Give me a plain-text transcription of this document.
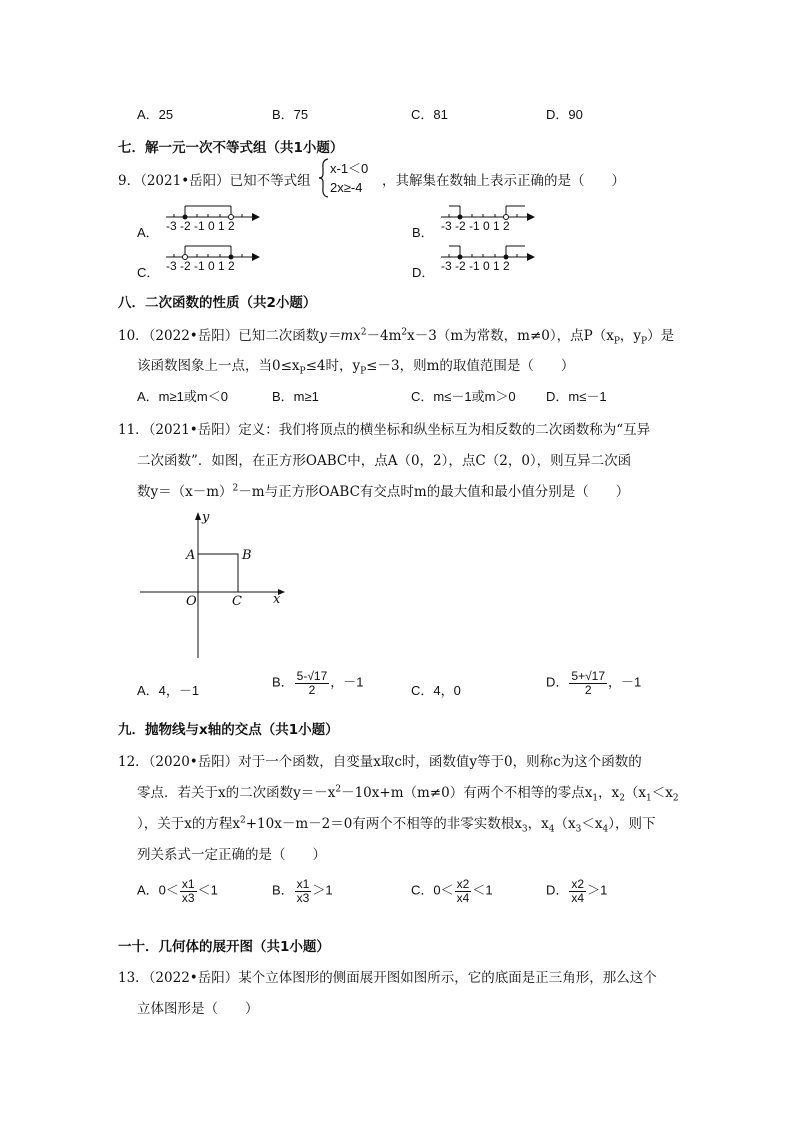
A．25	B．75	C．81	D．90
七．解一元一次不等式组（共1小题）
9．（2021•岳阳）已知不等式组
x-1＜0
2x≥-4 ，其解集在数轴上表示正确的是（　　）
A．	B．
C．	D．
-3 -2 -1 0 1 2	-3 -2 -1 0 1 2
-3 -2 -1 0 1 2	-3 -2 -1 0 1 2
八．二次函数的性质（共2小题）
10．（2022•岳阳）已知二次函数$y=mx^2-4m^2x-3(m$为常数，m≠0），点$P(x_P$，$y_P$）是
该函数图象上一点，当$0\le x_P\le 4$时，$y_P\le-3$，则m的取值范围是（　　）
A．m≥1或m＜0	B．m≥1	C．m≤－1或m＞0 D．m≤－1
11．（2021•岳阳）定义：我们将顶点的横坐标和纵坐标互为相反数的二次函数称为“互异
二次函数”．如图，在正方形OABC中，点A（0，2），点C（2，0），则互异二次函
数$y=(x-m)^2-m$与正方形OABC有交点时m的最大值和最小值分别是（　　）
y
x
A	B
O	C
A．4，－1
B． $\frac{5-√17}{2}$ ，－1
C．4，0
D． $\frac{5+√17}{2}$ ，－1
九．抛物线与x轴的交点（共1小题）
12．（2020•岳阳）对于一个函数，自变量x取c时，函数值y等于0，则称c为这个函数的
零点．若关于x的二次函数$y=-x^2-10x+m(m\ne 0)$有两个不相等的零点$x_1$，$x_2(x_1<x_2$
），关于x的方程$x^2+10x-m-2=0$有两个不相等的非零实数根$x_3$，$x_4(x_3<x_4)$，则下
列关系式一定正确的是（　　）
A．$0< \frac{x1}{x3} <1$	B． $\frac{x1}{x3} >1$	C．$0< \frac{x2}{x4} <1$	D． $\frac{x2}{x4} >1$
一十．几何体的展开图（共1小题）
13．（2022•岳阳）某个立体图形的侧面展开图如图所示，它的底面是正三角形，那么这个
立体图形是（　　）
